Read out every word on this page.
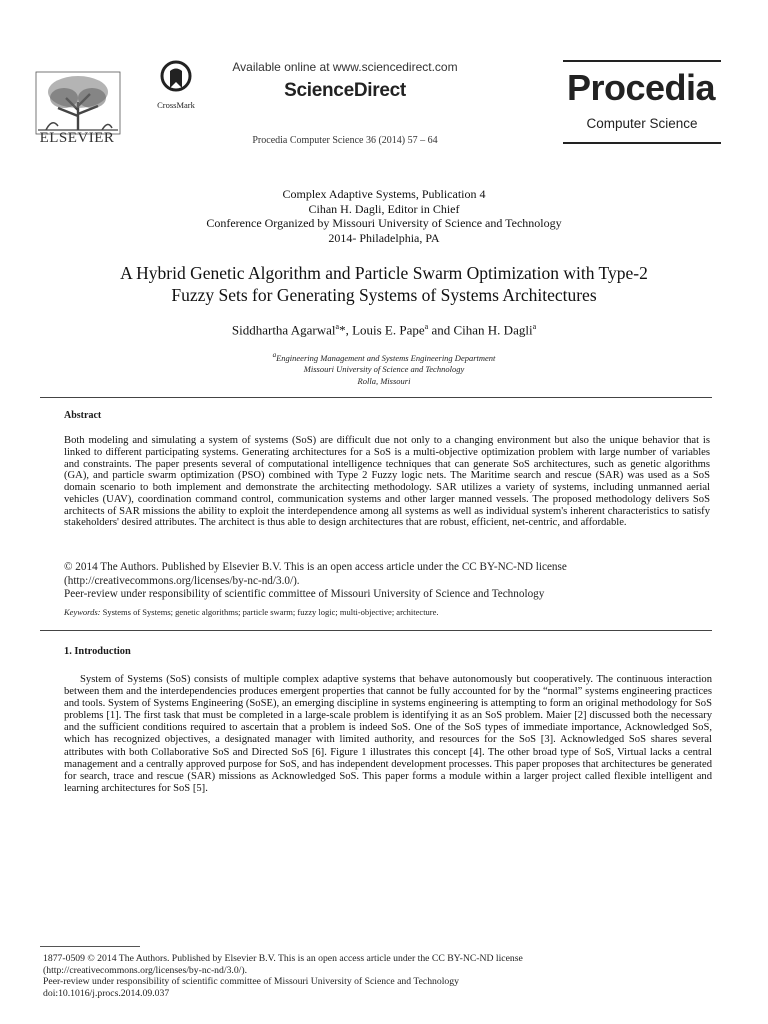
ELSEVIER
CrossMark
Available online at www.sciencedirect.com
ScienceDirect
Procedia Computer Science 36 (2014) 57 – 64
Procedia
Computer Science
Complex Adaptive Systems, Publication 4
Cihan H. Dagli, Editor in Chief
Conference Organized by Missouri University of Science and Technology
2014- Philadelphia, PA
A Hybrid Genetic Algorithm and Particle Swarm Optimization with Type-2
Fuzzy Sets for Generating Systems of Systems Architectures
Siddhartha Agarwal$^a$*, Louis E. Pape$^a$ and Cihan H. Dagli$^a$
$^a$Engineering Management and Systems Engineering Department
Missouri University of Science and Technology
Rolla, Missouri
Abstract
Both modeling and simulating a system of systems (SoS) are difficult due not only to a changing environment but also the unique behavior that is linked to different participating systems. Generating architectures for a SoS is a multi-objective optimization problem with large number of variables and constraints. The paper presents several of computational intelligence techniques that can generate SoS architectures, such as genetic algorithms (GA), and particle swarm optimization (PSO) combined with Type 2 Fuzzy logic nets. The Maritime search and rescue (SAR) was used as a SoS domain scenario to both implement and demonstrate the architecting methodology. SAR utilizes a variety of systems, including unmanned aerial vehicles (UAV), coordination command control, communication systems and other larger manned vessels. The proposed methodology delivers SoS architects of SAR missions the ability to exploit the interdependence among all systems as well as individual system's inherent characteristics to satisfy stakeholders' desired attributes. The architect is thus able to design architectures that are robust, efficient, net-centric, and affordable.
© 2014 The Authors. Published by Elsevier B.V. This is an open access article under the CC BY-NC-ND license
(http://creativecommons.org/licenses/by-nc-nd/3.0/).
Peer-review under responsibility of scientific committee of Missouri University of Science and Technology
Keywords: Systems of Systems; genetic algorithms; particle swarm; fuzzy logic; multi-objective; architecture.
1. Introduction
System of Systems (SoS) consists of multiple complex adaptive systems that behave autonomously but cooperatively. The continuous interaction between them and the interdependencies produces emergent properties that cannot be fully accounted for by the “normal” systems engineering practices and tools. System of Systems Engineering (SoSE), an emerging discipline in systems engineering is attempting to form an original methodology for SoS problems [1]. The first task that must be completed in a large-scale problem is identifying it as an SoS problem. Maier [2] discussed both the necessary and the sufficient conditions required to ascertain that a problem is indeed SoS. One of the SoS types of immediate importance, Acknowledged SoS, which has recognized objectives, a designated manager with limited authority, and resources for the SoS [3]. Acknowledged SoS shares several attributes with both Collaborative SoS and Directed SoS [6]. Figure 1 illustrates this concept [4]. The other broad type of SoS, Virtual lacks a central management and a centrally approved purpose for SoS, and has independent development processes. This paper proposes that architectures be generated for search, trace and rescue (SAR) missions as Acknowledged SoS. This paper forms a module within a larger project called flexible intelligent and learning architectures for SoS [5].
1877-0509 © 2014 The Authors. Published by Elsevier B.V. This is an open access article under the CC BY-NC-ND license
(http://creativecommons.org/licenses/by-nc-nd/3.0/).
Peer-review under responsibility of scientific committee of Missouri University of Science and Technology
doi:10.1016/j.procs.2014.09.037
